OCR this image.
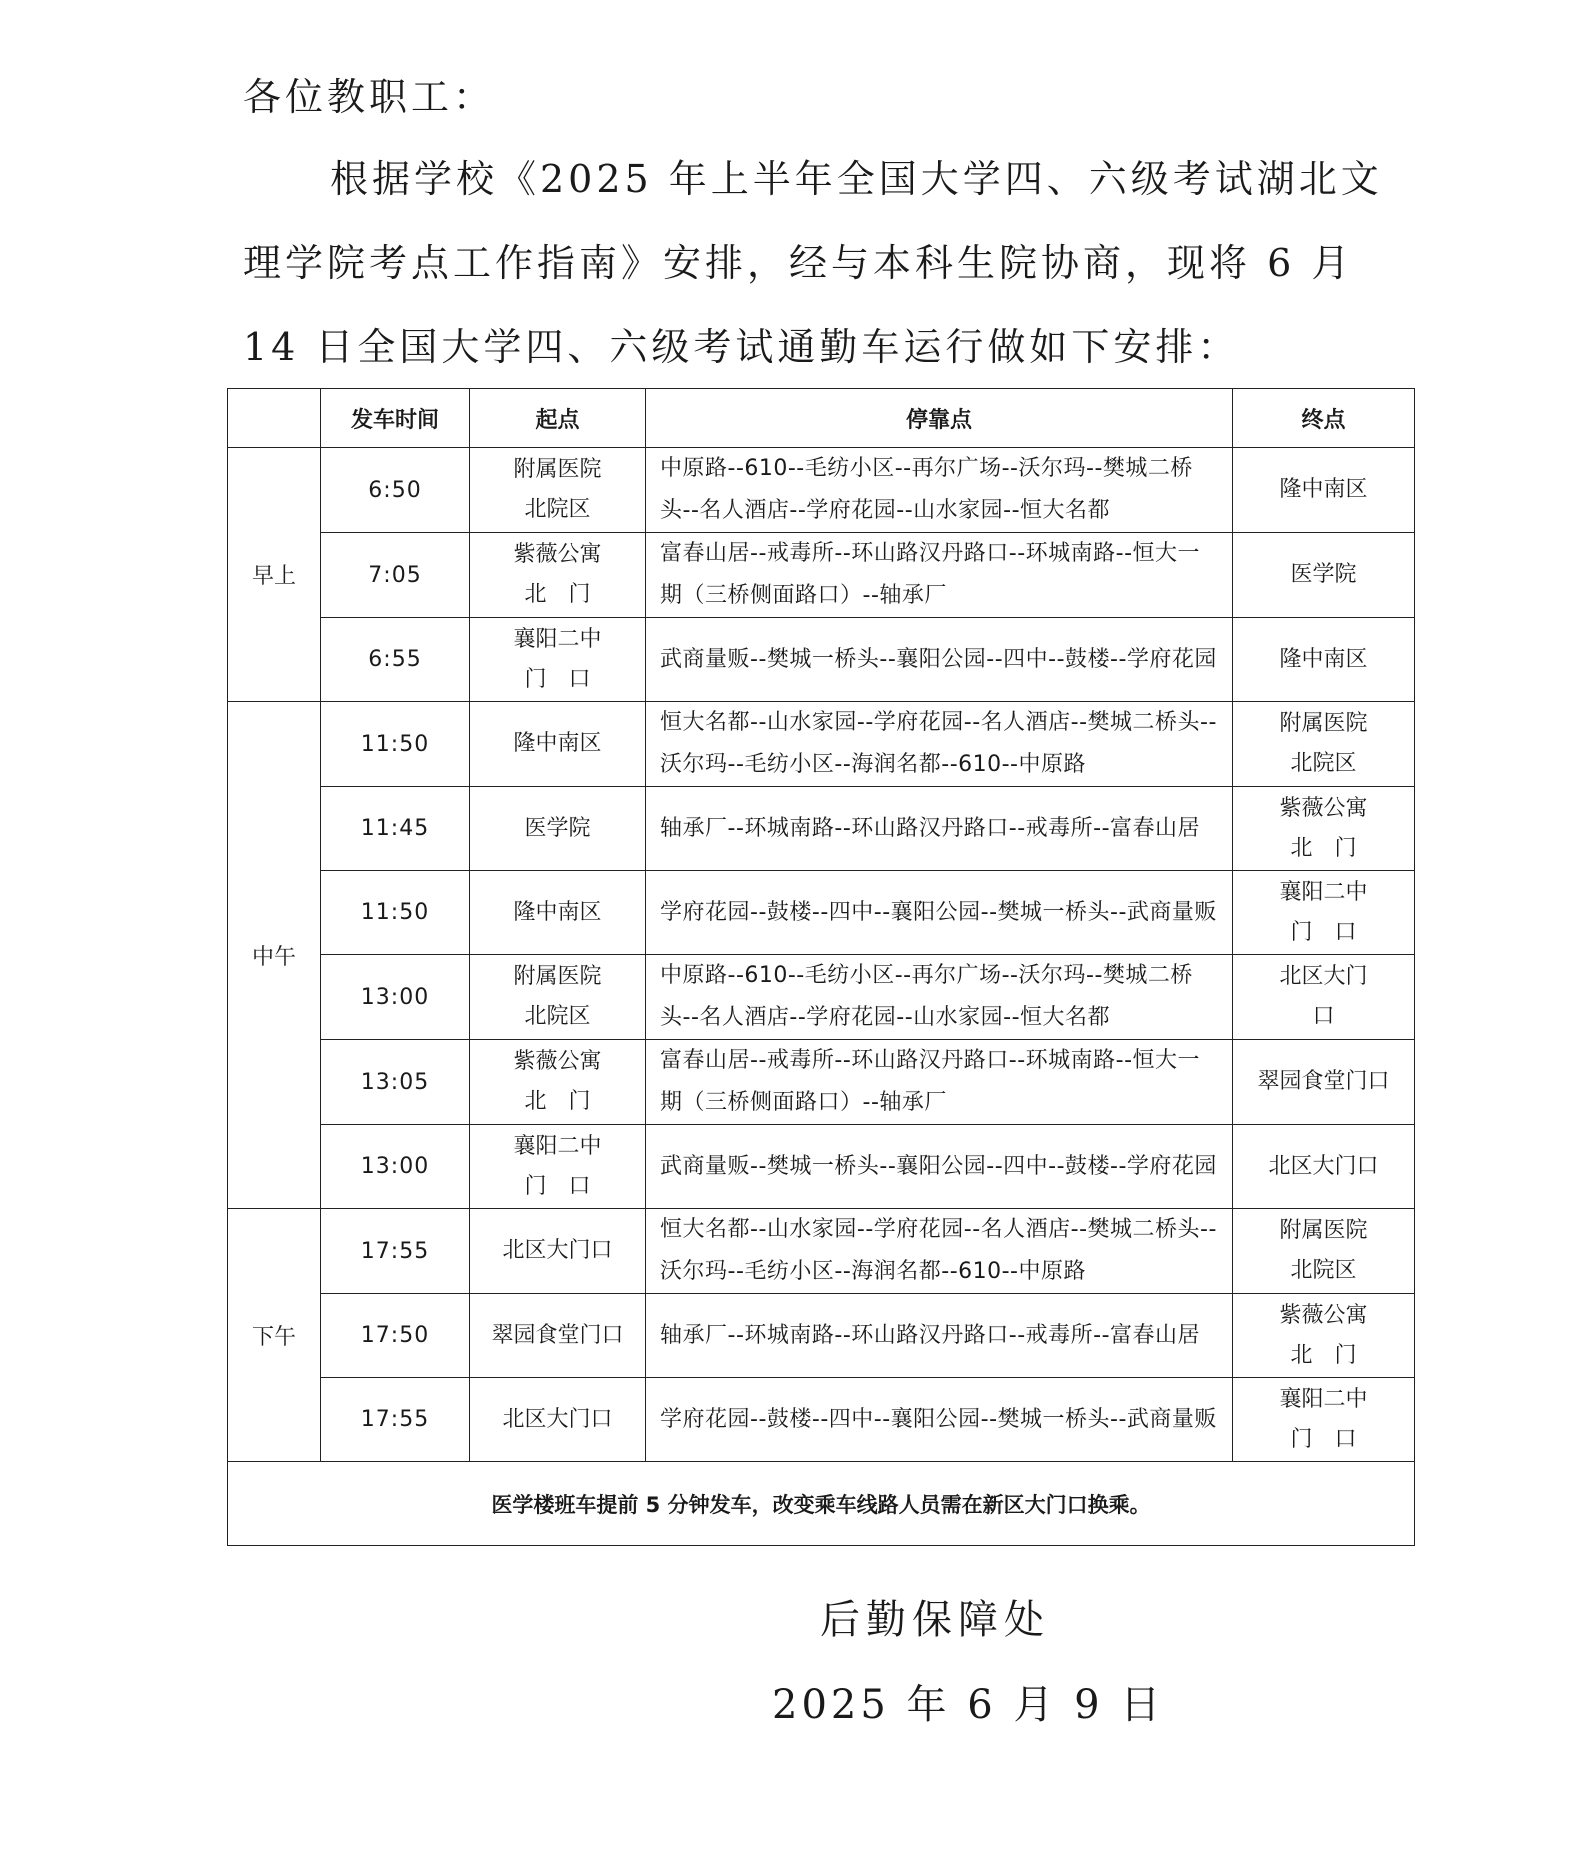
各位教职工：
根据学校《2025 年上半年全国大学四、六级考试湖北文
理学院考点工作指南》安排，经与本科生院协商，现将 6 月
14 日全国大学四、六级考试通勤车运行做如下安排：
	发车时间	起点	停靠点	终点
早上	6:50	附属医院北院区	中原路--610--毛纺小区--再尔广场--沃尔玛--樊城二桥头--名人酒店--学府花园--山水家园--恒大名都	隆中南区
	7:05	紫薇公寓北　门	富春山居--戒毒所--环山路汉丹路口--环城南路--恒大一期（三桥侧面路口）--轴承厂	医学院
	6:55	襄阳二中门　口	武商量贩--樊城一桥头--襄阳公园--四中--鼓楼--学府花园	隆中南区
中午	11:50	隆中南区	恒大名都--山水家园--学府花园--名人酒店--樊城二桥头--沃尔玛--毛纺小区--海润名都--610--中原路	附属医院北院区
	11:45	医学院	轴承厂--环城南路--环山路汉丹路口--戒毒所--富春山居	紫薇公寓北　门
	11:50	隆中南区	学府花园--鼓楼--四中--襄阳公园--樊城一桥头--武商量贩	襄阳二中门　口
	13:00	附属医院北院区	中原路--610--毛纺小区--再尔广场--沃尔玛--樊城二桥头--名人酒店--学府花园--山水家园--恒大名都	北区大门口
	13:05	紫薇公寓北　门	富春山居--戒毒所--环山路汉丹路口--环城南路--恒大一期（三桥侧面路口）--轴承厂	翠园食堂门口
	13:00	襄阳二中门　口	武商量贩--樊城一桥头--襄阳公园--四中--鼓楼--学府花园	北区大门口
下午	17:55	北区大门口	恒大名都--山水家园--学府花园--名人酒店--樊城二桥头--沃尔玛--毛纺小区--海润名都--610--中原路	附属医院北院区
	17:50	翠园食堂门口	轴承厂--环城南路--环山路汉丹路口--戒毒所--富春山居	紫薇公寓北　门
	17:55	北区大门口	学府花园--鼓楼--四中--襄阳公园--樊城一桥头--武商量贩	襄阳二中门　口
医学楼班车提前 5 分钟发车，改变乘车线路人员需在新区大门口换乘。				
后勤保障处
2025 年 6 月 9 日
